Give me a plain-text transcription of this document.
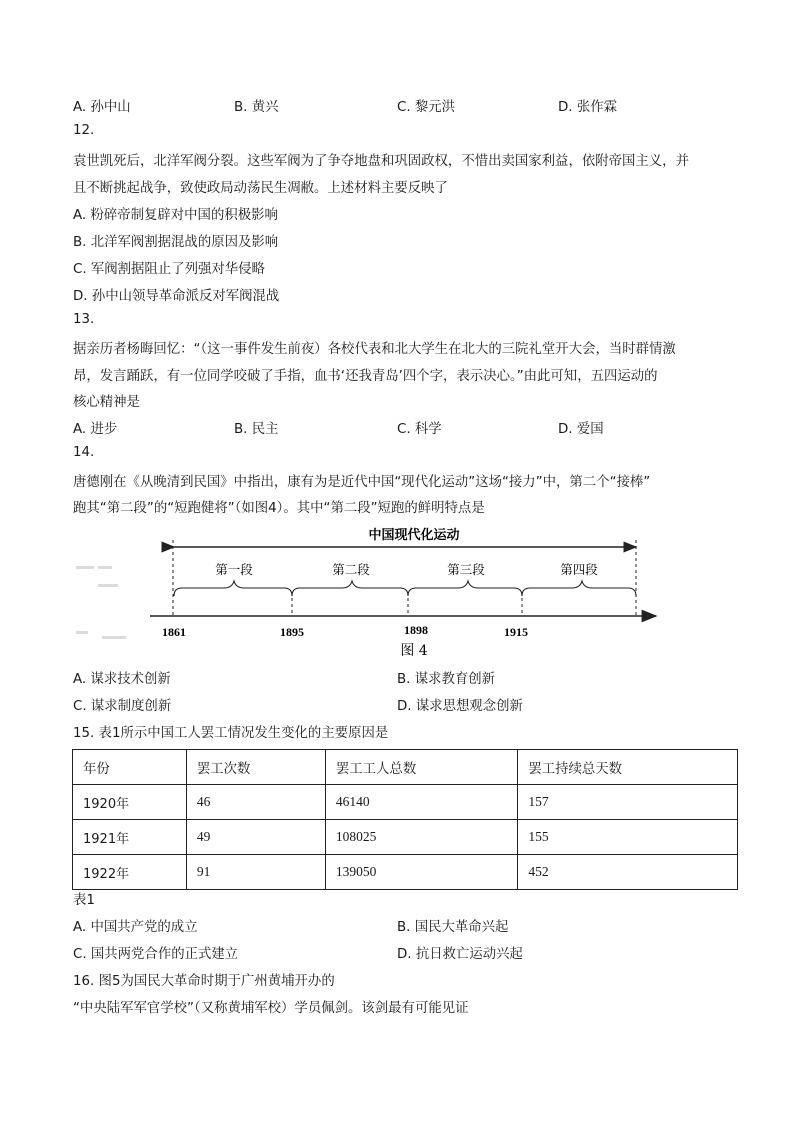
A. 孙中山	B. 黄兴	C. 黎元洪	D. 张作霖
12.
袁世凯死后，北洋军阀分裂。这些军阀为了争夺地盘和巩固政权，不惜出卖国家利益，依附帝国主义，并
且不断挑起战争，致使政局动荡民生凋敝。上述材料主要反映了
A. 粉碎帝制复辟对中国的积极影响
B. 北洋军阀割据混战的原因及影响
C. 军阀割据阻止了列强对华侵略
D. 孙中山领导革命派反对军阀混战
13.
据亲历者杨晦回忆：“（这一事件发生前夜）各校代表和北大学生在北大的三院礼堂开大会，当时群情激
昂，发言踊跃，有一位同学咬破了手指，血书‘还我青岛’四个字，表示决心。”由此可知，五四运动的
核心精神是
A. 进步	B. 民主	C. 科学	D. 爱国
14.
唐德刚在《从晚清到民国》中指出，康有为是近代中国“现代化运动”这场“接力”中，第二个“接棒”
跑其“第二段”的“短跑健将”（如图4）。其中“第二段”短跑的鲜明特点是
中国现代化运动
第一段	第二段	第三段	第四段
1861	1895	1898	1915
图 4
A. 谋求技术创新	B. 谋求教育创新
C. 谋求制度创新	D. 谋求思想观念创新
15. 表1所示中国工人罢工情况发生变化的主要原因是
年份	罢工次数	罢工工人总数	罢工持续总天数
1920年	46	46140	157
1921年	49	108025	155
1922年	91	139050	452
表1
A. 中国共产党的成立	B. 国民大革命兴起
C. 国共两党合作的正式建立	D. 抗日救亡运动兴起
16. 图5为国民大革命时期于广州黄埔开办的
“中央陆军军官学校”（又称黄埔军校）学员佩剑。该剑最有可能见证
